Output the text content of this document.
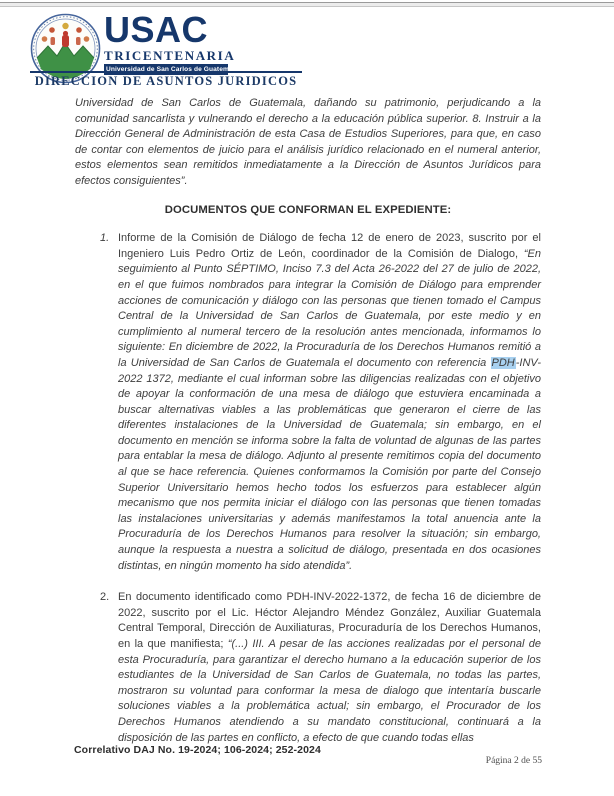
USAC
TRICENTENARIA
Universidad de San Carlos de Guatemala
DIRECCION DE ASUNTOS JURIDICOS

Universidad de San Carlos de Guatemala, dañando su patrimonio, perjudicando a la comunidad sancarlista y vulnerando el derecho a la educación pública superior. 8. Instruir a la Dirección General de Administración de esta Casa de Estudios Superiores, para que, en caso de contar con elementos de juicio para el análisis jurídico relacionado en el numeral anterior, estos elementos sean remitidos inmediatamente a la Dirección de Asuntos Jurídicos para efectos consiguientes”.

DOCUMENTOS QUE CONFORMAN EL EXPEDIENTE:
1. Informe de la Comisión de Diálogo de fecha 12 de enero de 2023, suscrito por el Ingeniero Luis Pedro Ortiz de León, coordinador de la Comisión de Dialogo, “En seguimiento al Punto SÉPTIMO, Inciso 7.3 del Acta 26-2022 del 27 de julio de 2022, en el que fuimos nombrados para integrar la Comisión de Diálogo para emprender acciones de comunicación y diálogo con las personas que tienen tomado el Campus Central de la Universidad de San Carlos de Guatemala, por este medio y en cumplimiento al numeral tercero de la resolución antes mencionada, informamos lo siguiente: En diciembre de 2022, la Procuraduría de los Derechos Humanos remitió a la Universidad de San Carlos de Guatemala el documento con referencia PDH-INV-2022 1372, mediante el cual informan sobre las diligencias realizadas con el objetivo de apoyar la conformación de una mesa de diálogo que estuviera encaminada a buscar alternativas viables a las problemáticas que generaron el cierre de las diferentes instalaciones de la Universidad de Guatemala; sin embargo, en el documento en mención se informa sobre la falta de voluntad de algunas de las partes para entablar la mesa de diálogo. Adjunto al presente remitimos copia del documento al que se hace referencia. Quienes conformamos la Comisión por parte del Consejo Superior Universitario hemos hecho todos los esfuerzos para establecer algún mecanismo que nos permita iniciar el diálogo con las personas que tienen tomadas las instalaciones universitarias y además manifestamos la total anuencia ante la Procuraduría de los Derechos Humanos para resolver la situación; sin embargo, aunque la respuesta a nuestra a solicitud de diálogo, presentada en dos ocasiones distintas, en ningún momento ha sido atendida”.
2. En documento identificado como PDH-INV-2022-1372, de fecha 16 de diciembre de 2022, suscrito por el Lic. Héctor Alejandro Méndez González, Auxiliar Guatemala Central Temporal, Dirección de Auxiliaturas, Procuraduría de los Derechos Humanos, en la que manifiesta; “(...) III. A pesar de las acciones realizadas por el personal de esta Procuraduría, para garantizar el derecho humano a la educación superior de los estudiantes de la Universidad de San Carlos de Guatemala, no todas las partes, mostraron su voluntad para conformar la mesa de dialogo que intentaría buscarle soluciones viables a la problemática actual; sin embargo, el Procurador de los Derechos Humanos atendiendo a su mandato constitucional, continuará a la disposición de las partes en conflicto, a efecto de que cuando todas ellas
Correlativo DAJ No. 19-2024; 106-2024; 252-2024
Página 2 de 55
